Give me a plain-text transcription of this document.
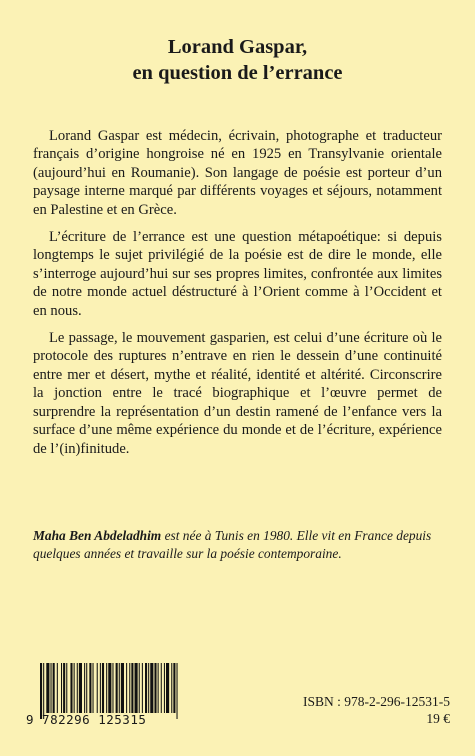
Lorand Gaspar,
en question de l’errance

Lorand Gaspar est médecin, écrivain, photographe et traducteur français d’origine hongroise né en 1925 en Transylvanie orientale (aujourd’hui en Roumanie). Son langage de poésie est porteur d’un paysage interne marqué par différents voyages et séjours, notamment en Palestine et en Grèce.

L’écriture de l’errance est une question métapoétique: si depuis longtemps le sujet privilégié de la poésie est de dire le monde, elle s’interroge aujourd’hui sur ses propres limites, confrontée aux limites de notre monde actuel déstructuré à l’Orient comme à l’Occident et en nous.

Le passage, le mouvement gasparien, est celui d’une écriture où le protocole des ruptures n’entrave en rien le dessein d’une continuité entre mer et désert, mythe et réalité, identité et altérité. Circonscrire la jonction entre le tracé biographique et l’œuvre permet de surprendre la représentation d’un destin ramené de l’enfance vers la surface d’une même expérience du monde et de l’écriture, expérience de l’(in)finitude.

Maha Ben Abdeladhim est née à Tunis en 1980. Elle vit en France depuis quelques années et travaille sur la poésie contemporaine.
9 782296 125315
ISBN : 978-2-296-12531-5
19 €
